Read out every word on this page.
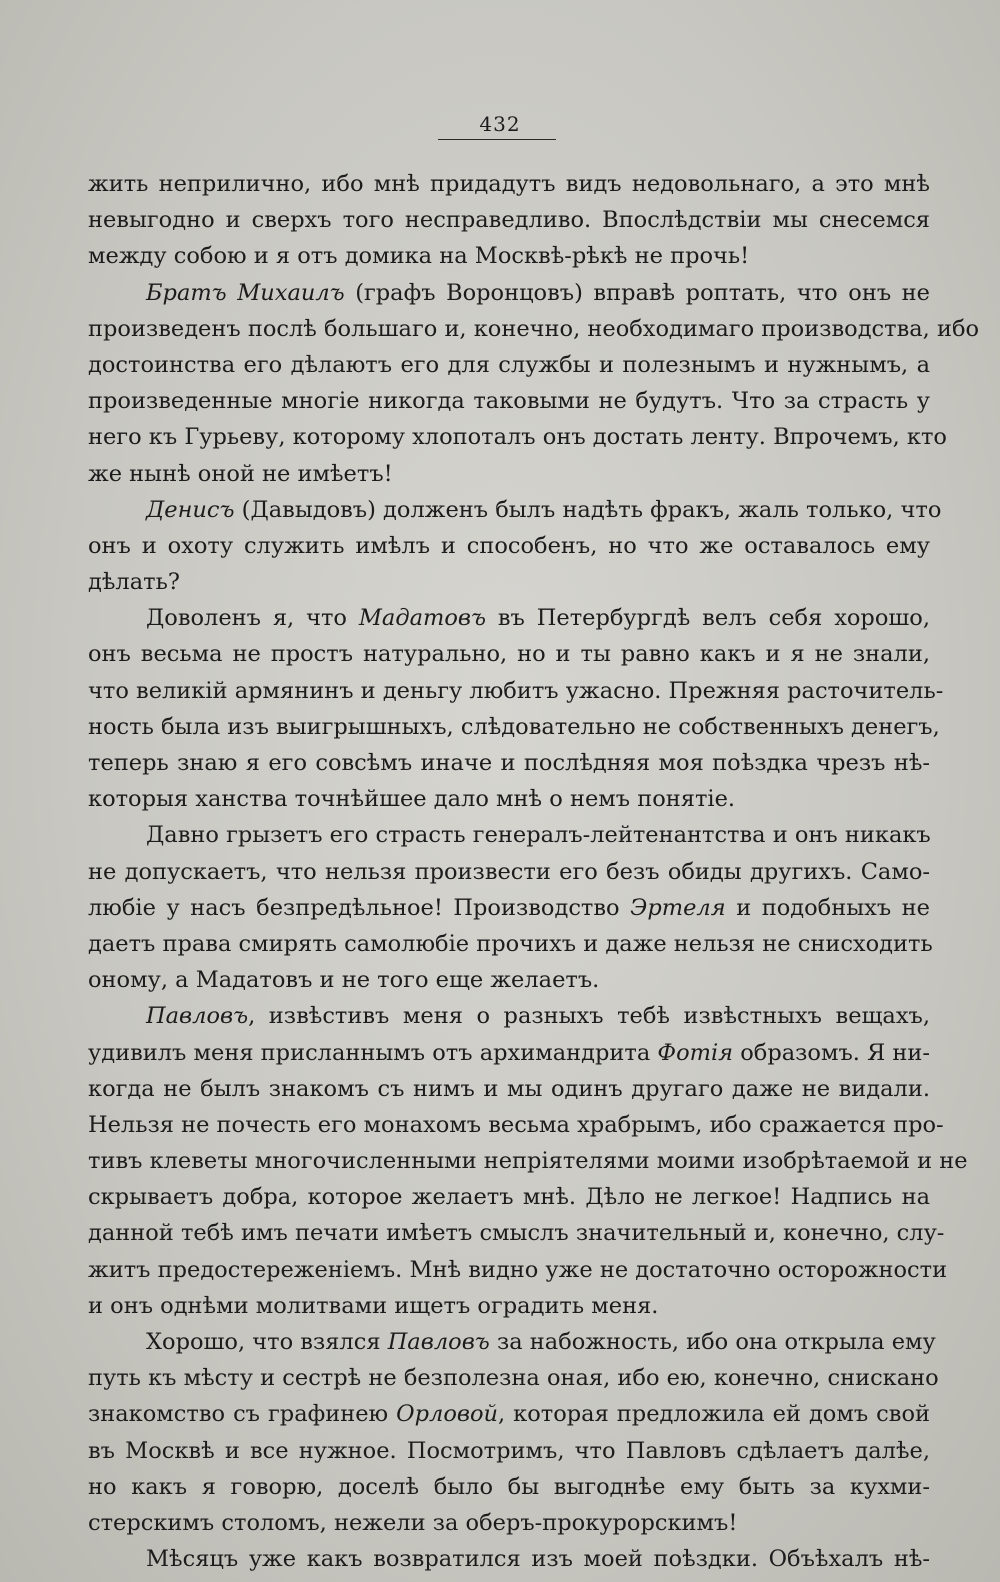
432
жить неприлично, ибо мнѣ придадутъ видъ недовольнаго, а это мнѣ
невыгодно и сверхъ того несправедливо. Впослѣдствіи мы снесемся
между собою и я отъ домика на Москвѣ-рѣкѣ не прочь!
Братъ Михаилъ (графъ Воронцовъ) вправѣ роптать, что онъ не
произведенъ послѣ большаго и, конечно, необходимаго производства, ибо
достоинства его дѣлаютъ его для службы и полезнымъ и нужнымъ, а
произведенные многіе никогда таковыми не будутъ. Что за страсть у
него къ Гурьеву, которому хлопоталъ онъ достать ленту. Впрочемъ, кто
же нынѣ оной не имѣетъ!
Денисъ (Давыдовъ) долженъ былъ надѣть фракъ, жаль только, что
онъ и охоту служить имѣлъ и способенъ, но что же оставалось ему
дѣлать?
Доволенъ я, что Мадатовъ въ Петербургдѣ велъ себя хорошо,
онъ весьма не простъ натурально, но и ты равно какъ и я не знали,
что великій армянинъ и деньгу любитъ ужасно. Прежняя расточитель-
ность была изъ выигрышныхъ, слѣдовательно не собственныхъ денегъ,
теперь знаю я его совсѣмъ иначе и послѣдняя моя поѣздка чрезъ нѣ-
которыя ханства точнѣйшее дало мнѣ о немъ понятіе.
Давно грызетъ его страсть генералъ-лейтенантства и онъ никакъ
не допускаетъ, что нельзя произвести его безъ обиды другихъ. Само-
любіе у насъ безпредѣльное! Производство Эртеля и подобныхъ не
даетъ права смирять самолюбіе прочихъ и даже нельзя не снисходить
оному, а Мадатовъ и не того еще желаетъ.
Павловъ, извѣстивъ меня о разныхъ тебѣ извѣстныхъ вещахъ,
удивилъ меня присланнымъ отъ архимандрита Фотія образомъ. Я ни-
когда не былъ знакомъ съ нимъ и мы одинъ другаго даже не видали.
Нельзя не почесть его монахомъ весьма храбрымъ, ибо сражается про-
тивъ клеветы многочисленными непріятелями моими изобрѣтаемой и не
скрываетъ добра, которое желаетъ мнѣ. Дѣло не легкое! Надпись на
данной тебѣ имъ печати имѣетъ смыслъ значительный и, конечно, слу-
житъ предостереженіемъ. Мнѣ видно уже не достаточно осторожности
и онъ однѣми молитвами ищетъ оградить меня.
Хорошо, что взялся Павловъ за набожность, ибо она открыла ему
путь къ мѣсту и сестрѣ не безполезна оная, ибо ею, конечно, снискано
знакомство съ графинею Орловой, которая предложила ей домъ свой
въ Москвѣ и все нужное. Посмотримъ, что Павловъ сдѣлаетъ далѣе,
но какъ я говорю, доселѣ было бы выгоднѣе ему быть за кухми-
стерскимъ столомъ, нежели за оберъ-прокурорскимъ!
Мѣсяцъ уже какъ возвратился изъ моей поѣздки. Объѣхалъ нѣ-
